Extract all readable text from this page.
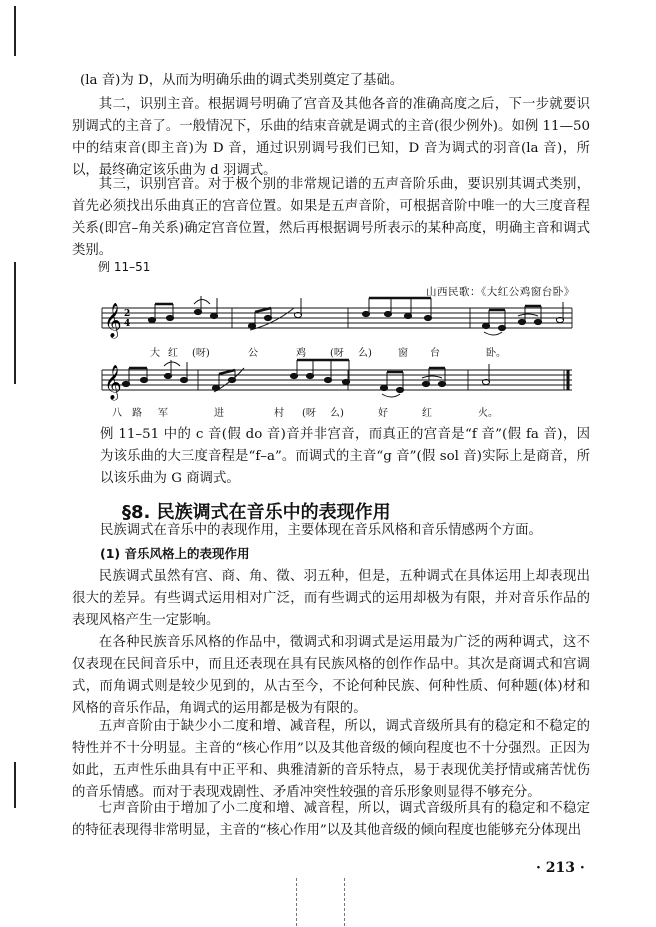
(la 音)为 D，从而为明确乐曲的调式类别奠定了基础。

其二，识别主音。根据调号明确了宫音及其他各音的准确高度之后，下一步就要识别调式的主音了。一般情况下，乐曲的结束音就是调式的主音(很少例外)。如例 11—50 中的结束音(即主音)为 D 音，通过识别调号我们已知，D 音为调式的羽音(la 音)，所以，最终确定该乐曲为 d 羽调式。

其三，识别宫音。对于极个别的非常规记谱的五声音阶乐曲，要识别其调式类别，首先必须找出乐曲真正的宫音位置。如果是五声音阶，可根据音阶中唯一的大三度音程关系(即宫–角关系)确定宫音位置，然后再根据调号所表示的某种高度，明确主音和调式类别。

例 11–51
山西民歌：《大红公鸡窗台卧》
𝄞 2
4
大 红 (呀)	公	鸡 (呀 么)	窗 台	卧。
𝄞
八 路 军	进	村 (呀 么)	好	红	火。

例 11–51 中的 c 音(假 do 音)音并非宫音，而真正的宫音是“f 音”(假 fa 音)，因为该乐曲的大三度音程是“f–a”。而调式的主音“g 音”(假 sol 音)实际上是商音，所以该乐曲为 G 商调式。

§8. 民族调式在音乐中的表现作用

民族调式在音乐中的表现作用，主要体现在音乐风格和音乐情感两个方面。

(1) 音乐风格上的表现作用

民族调式虽然有宫、商、角、徵、羽五种，但是，五种调式在具体运用上却表现出很大的差异。有些调式运用相对广泛，而有些调式的运用却极为有限，并对音乐作品的表现风格产生一定影响。

在各种民族音乐风格的作品中，徵调式和羽调式是运用最为广泛的两种调式，这不仅表现在民间音乐中，而且还表现在具有民族风格的创作作品中。其次是商调式和宫调式，而角调式则是较少见到的，从古至今，不论何种民族、何种性质、何种题(体)材和风格的音乐作品，角调式的运用都是极为有限的。

五声音阶由于缺少小二度和增、减音程，所以，调式音级所具有的稳定和不稳定的特性并不十分明显。主音的“核心作用”以及其他音级的倾向程度也不十分强烈。正因为如此，五声性乐曲具有中正平和、典雅清新的音乐特点，易于表现优美抒情或痛苦忧伤的音乐情感。而对于表现戏剧性、矛盾冲突性较强的音乐形象则显得不够充分。

七声音阶由于增加了小二度和增、减音程，所以，调式音级所具有的稳定和不稳定的特征表现得非常明显，主音的“核心作用”以及其他音级的倾向程度也能够充分体现出

· 213 ·
